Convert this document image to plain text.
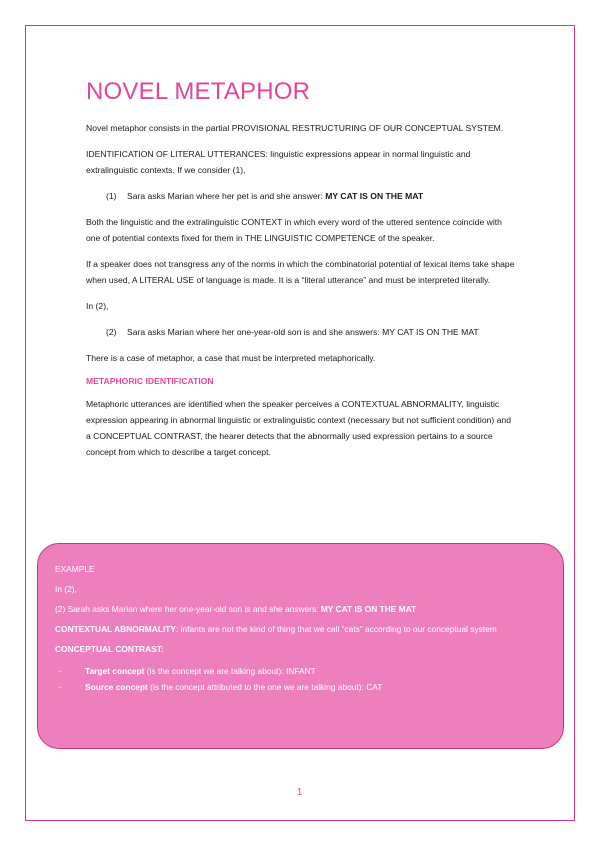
NOVEL METAPHOR

Novel metaphor consists in the partial PROVISIONAL RESTRUCTURING OF OUR CONCEPTUAL SYSTEM.

IDENTIFICATION OF LITERAL UTTERANCES: linguistic expressions appear in normal linguistic and extralinguistic contexts. If we consider (1),

(1)	Sara asks Marian where her pet is and she answer: MY CAT IS ON THE MAT

Both the linguistic and the extralinguistic CONTEXT in which every word of the uttered sentence coincide with one of potential contexts fixed for them in THE LINGUISTIC COMPETENCE of the speaker.

If a speaker does not transgress any of the norms in which the combinatorial potential of lexical items take shape when used, A LITERAL USE of language is made. It is a “literal utterance” and must be interpreted literally.

In (2),

(2)	Sara asks Marian where her one-year-old son is and she answers: MY CAT IS ON THE MAT

There is a case of metaphor, a case that must be interpreted metaphorically.

METAPHORIC IDENTIFICATION

Metaphoric utterances are identified when the speaker perceives a CONTEXTUAL ABNORMALITY, linguistic expression appearing in abnormal linguistic or extralinguistic context (necessary but not sufficient condition) and a CONCEPTUAL CONTRAST, the hearer detects that the abnormally used expression pertains to a source concept from which to describe a target concept.

EXAMPLE

In (2),

(2) Sarah asks Marian where her one-year-old son is and she answers: MY CAT IS ON THE MAT

CONTEXTUAL ABNORMALITY: infants are not the kind of thing that we call “cats” according to our conceptual system

CONCEPTUAL CONTRAST:

-	Target concept (is the concept we are talking about): INFANT
-	Source concept (is the concept attributed to the one we are talking about): CAT
1
